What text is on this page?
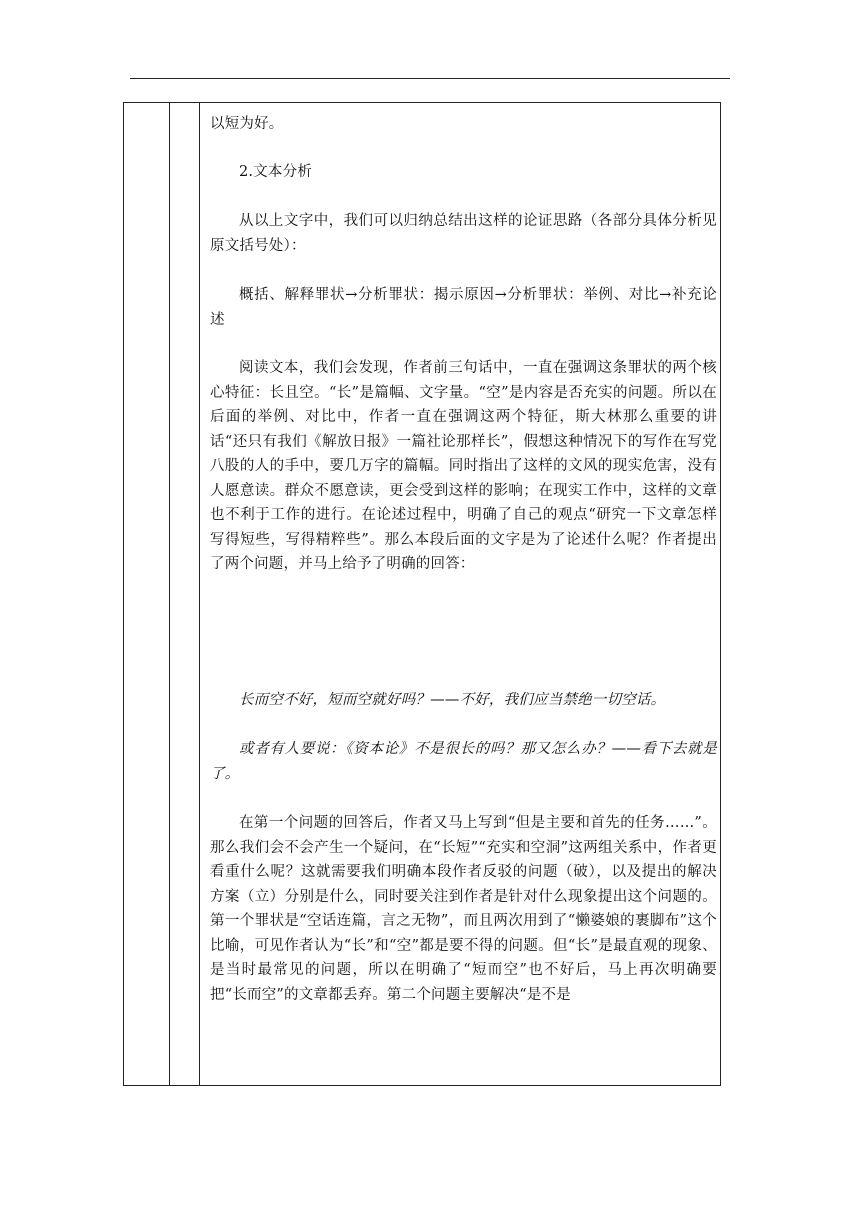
以短为好。

2.文本分析

从以上文字中，我们可以归纳总结出这样的论证思路（各部分具体分析见原文括号处）：

概括、解释罪状→分析罪状：揭示原因→分析罪状：举例、对比→补充论述

阅读文本，我们会发现，作者前三句话中，一直在强调这条罪状的两个核心特征：长且空。“长”是篇幅、文字量。“空”是内容是否充实的问题。所以在后面的举例、对比中，作者一直在强调这两个特征，斯大林那么重要的讲话“还只有我们《解放日报》一篇社论那样长”，假想这种情况下的写作在写党八股的人的手中，要几万字的篇幅。同时指出了这样的文风的现实危害，没有人愿意读。群众不愿意读，更会受到这样的影响；在现实工作中，这样的文章也不利于工作的进行。在论述过程中，明确了自己的观点“研究一下文章怎样写得短些，写得精粹些”。那么本段后面的文字是为了论述什么呢？作者提出了两个问题，并马上给予了明确的回答：

长而空不好，短而空就好吗？——不好，我们应当禁绝一切空话。

或者有人要说：《资本论》不是很长的吗？那又怎么办？——看下去就是了。

在第一个问题的回答后，作者又马上写到“但是主要和首先的任务……”。那么我们会不会产生一个疑问，在“长短”“充实和空洞”这两组关系中，作者更看重什么呢？这就需要我们明确本段作者反驳的问题（破），以及提出的解决方案（立）分别是什么，同时要关注到作者是针对什么现象提出这个问题的。第一个罪状是“空话连篇，言之无物”，而且两次用到了“懒婆娘的裹脚布”这个比喻，可见作者认为“长”和“空”都是要不得的问题。但“长”是最直观的现象、是当时最常见的问题，所以在明确了“短而空”也不好后，马上再次明确要把“长而空”的文章都丢弃。第二个问题主要解决“是不是
